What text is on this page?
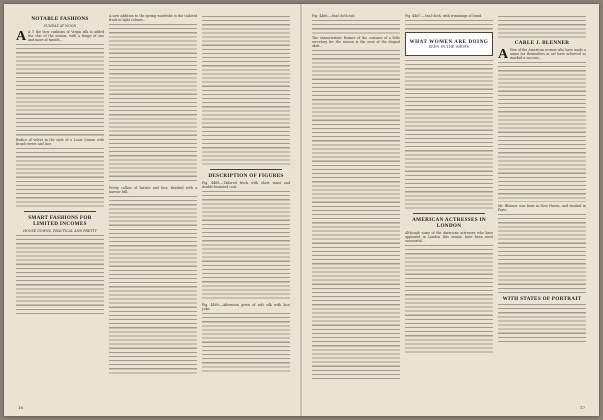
NOTABLE FASHIONS
SUNDAY AT NOON

A A T the bow cushions of Virgin silk is added the chic of the season, with a fringe of one and more of tassels...

Bodice of velvet in the style of a Louis Quinze with broad revers and lace.

SMART FASHIONS FOR LIMITED INCOMES
HOUSE GOWNS, PRACTICAL AND PRETTY

A new addition to the spring wardrobe is the tailored frock in light colours...

Pretty collars of batiste and lace, finished with a narrow frill.

DESCRIPTION OF FIGURES

Fig. 4468.—Tailored frock with short waist and double-breasted coat...

Fig. 4469.—Afternoon gown of soft silk with lace yoke.

16

Fig. 4466.—Seal cloth suit.

The characteristic feature of the costume of a little secretary for the season is the ease of the draped skirt...

Fig. 4467.—Seal cloth, with trimmings of braid.

WHAT WOMEN ARE DOING
SEEN IN THE SHOPS
AMERICAN ACTRESSES IN LONDON

Although some of the American actresses who have appeared in London this season have been most successful...

CARLE J. BLENNER

A Few of the American women who have made a name for themselves in art have achieved so marked a success...

Mr. Blenner was born in New Haven, and studied in Paris.

WITH STATES OF PORTRAIT
17
